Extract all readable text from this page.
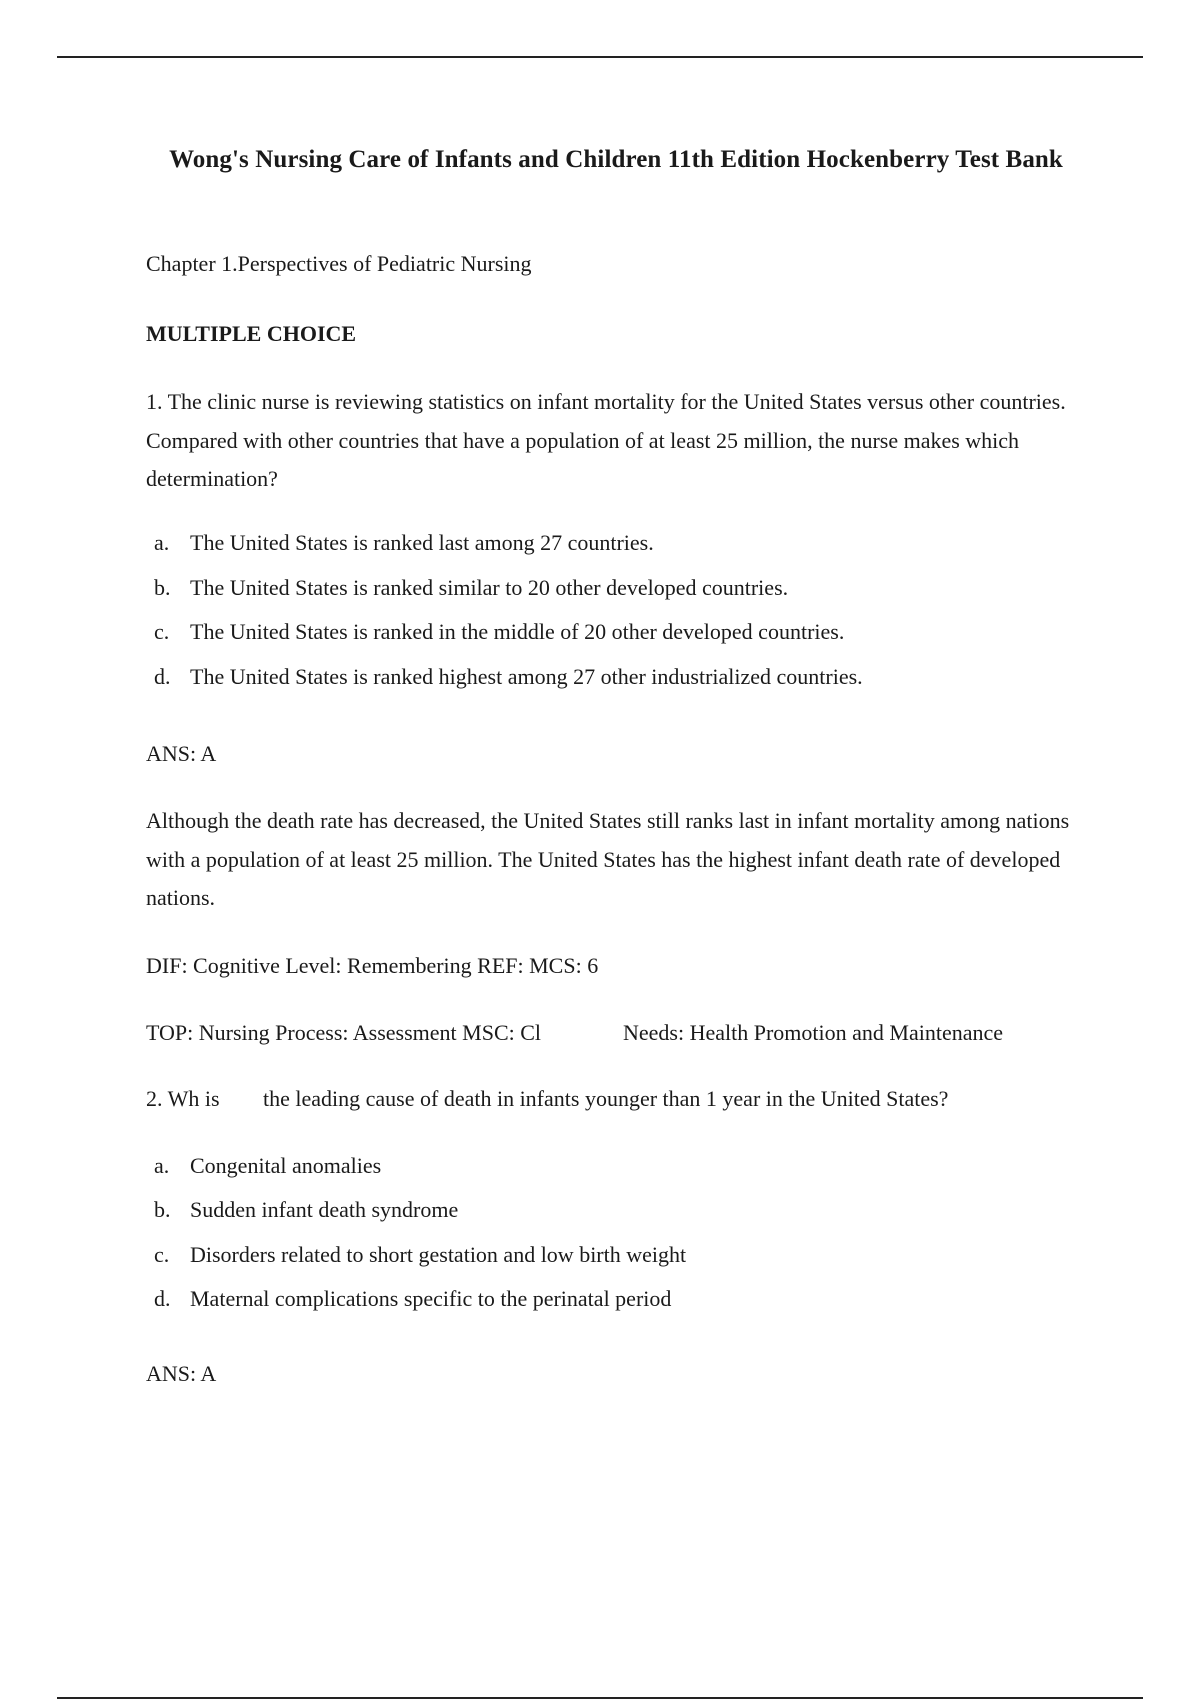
Wong's Nursing Care of Infants and Children 11th Edition Hockenberry Test Bank

Chapter 1.Perspectives of Pediatric Nursing

MULTIPLE CHOICE

1. The clinic nurse is reviewing statistics on infant mortality for the United States versus other countries. Compared with other countries that have a population of at least 25 million, the nurse makes which determination?

a. The United States is ranked last among 27 countries.

b. The United States is ranked similar to 20 other developed countries.

c. The United States is ranked in the middle of 20 other developed countries.

d. The United States is ranked highest among 27 other industrialized countries.

ANS: A

Although the death rate has decreased, the United States still ranks last in infant mortality among nations with a population of at least 25 million. The United States has the highest infant death rate of developed nations.

DIF: Cognitive Level: Remembering REF: MCS: 6

TOP: Nursing Process: Assessment MSC: Cl	Needs: Health Promotion and Maintenance

2. Wh is the leading cause of death in infants younger than 1 year in the United States?

a. Congenital anomalies

b. Sudden infant death syndrome

c. Disorders related to short gestation and low birth weight

d. Maternal complications specific to the perinatal period

ANS: A
